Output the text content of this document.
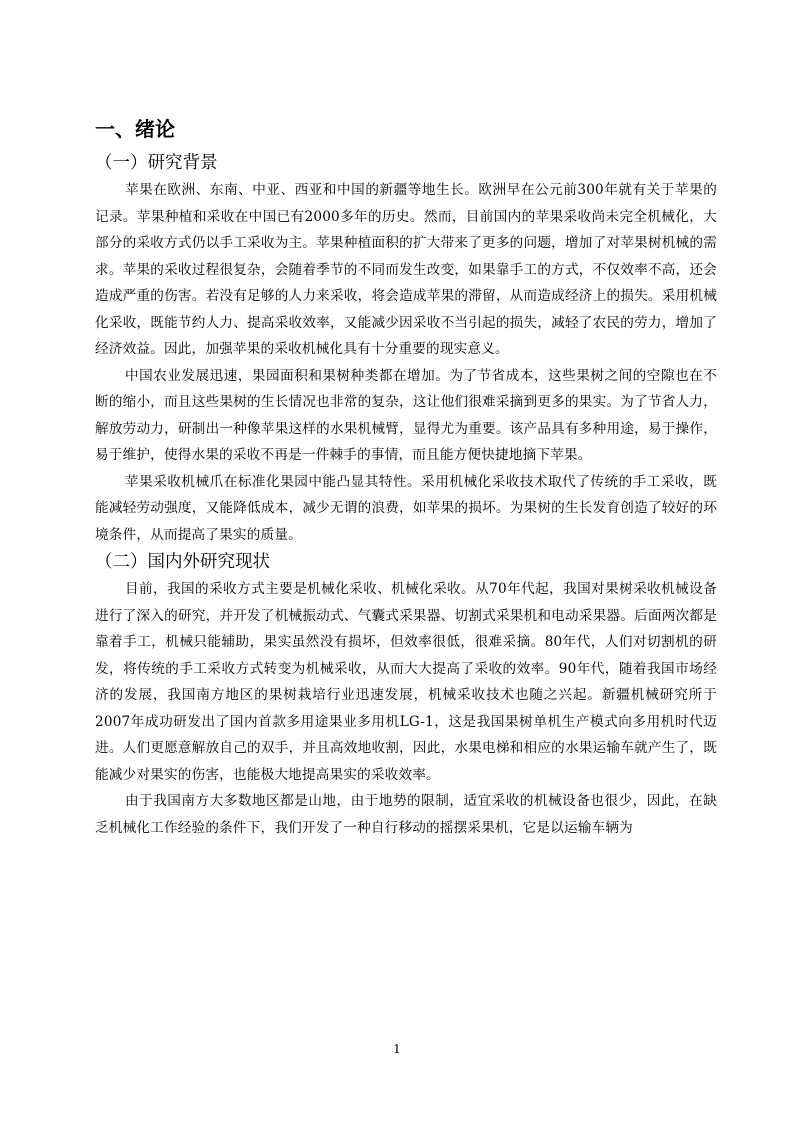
一、绪论
（一）研究背景

苹果在欧洲、东南、中亚、西亚和中国的新疆等地生长。欧洲早在公元前300年就有关于苹果的记录。苹果种植和采收在中国已有2000多年的历史。然而，目前国内的苹果采收尚未完全机械化，大部分的采收方式仍以手工采收为主。苹果种植面积的扩大带来了更多的问题，增加了对苹果树机械的需求。苹果的采收过程很复杂，会随着季节的不同而发生改变，如果靠手工的方式，不仅效率不高，还会造成严重的伤害。若没有足够的人力来采收，将会造成苹果的滞留，从而造成经济上的损失。采用机械化采收，既能节约人力、提高采收效率，又能减少因采收不当引起的损失，减轻了农民的劳力，增加了经济效益。因此，加强苹果的采收机械化具有十分重要的现实意义。

中国农业发展迅速，果园面积和果树种类都在增加。为了节省成本，这些果树之间的空隙也在不断的缩小，而且这些果树的生长情况也非常的复杂，这让他们很难采摘到更多的果实。为了节省人力，解放劳动力，研制出一种像苹果这样的水果机械臂，显得尤为重要。该产品具有多种用途，易于操作，易于维护，使得水果的采收不再是一件棘手的事情，而且能方便快捷地摘下苹果。

苹果采收机械爪在标准化果园中能凸显其特性。采用机械化采收技术取代了传统的手工采收，既能减轻劳动强度，又能降低成本，减少无谓的浪费，如苹果的损坏。为果树的生长发育创造了较好的环境条件，从而提高了果实的质量。

（二）国内外研究现状

目前，我国的采收方式主要是机械化采收、机械化采收。从70年代起，我国对果树采收机械设备进行了深入的研究，并开发了机械振动式、气囊式采果器、切割式采果机和电动采果器。后面两次都是靠着手工，机械只能辅助，果实虽然没有损坏，但效率很低，很难采摘。80年代，人们对切割机的研发，将传统的手工采收方式转变为机械采收，从而大大提高了采收的效率。90年代，随着我国市场经济的发展，我国南方地区的果树栽培行业迅速发展，机械采收技术也随之兴起。新疆机械研究所于2007年成功研发出了国内首款多用途果业多用机LG-1，这是我国果树单机生产模式向多用机时代迈进。人们更愿意解放自己的双手，并且高效地收割，因此，水果电梯和相应的水果运输车就产生了，既能减少对果实的伤害，也能极大地提高果实的采收效率。

由于我国南方大多数地区都是山地，由于地势的限制，适宜采收的机械设备也很少，因此，在缺乏机械化工作经验的条件下，我们开发了一种自行移动的摇摆采果机，它是以运输车辆为

1
